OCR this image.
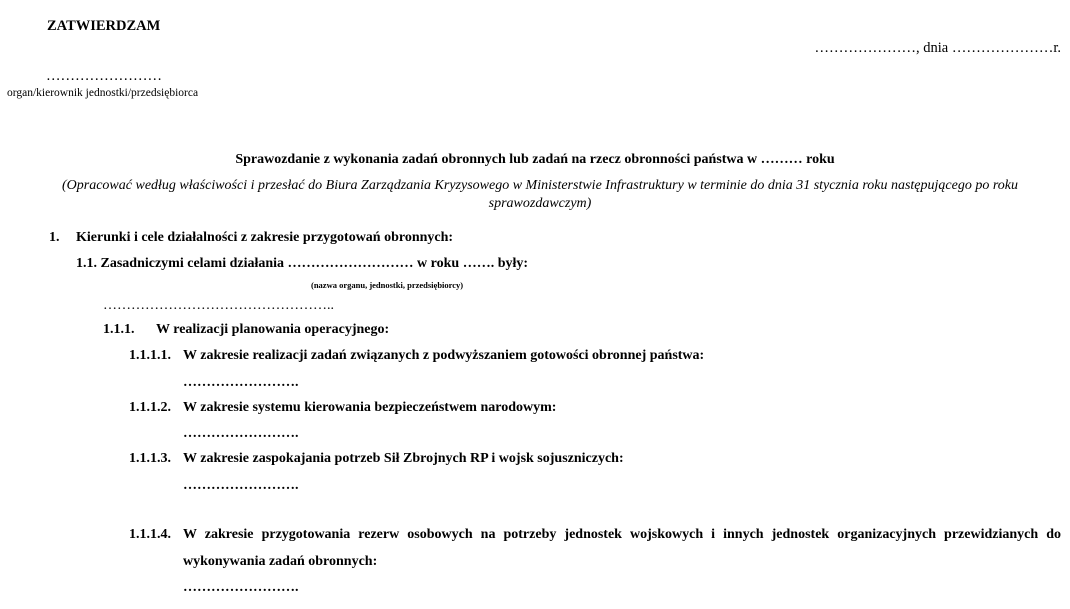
ZATWIERDZAM
…………………, dnia …………………r.
……………………
organ/kierownik jednostki/przedsiębiorca
Sprawozdanie z wykonania zadań obronnych lub zadań na rzecz obronności państwa w ……… roku
(Opracować według właściwości i przesłać do Biura Zarządzania Kryzysowego w Ministerstwie Infrastruktury w terminie do dnia 31 stycznia roku następującego po roku sprawozdawczym)
1. Kierunki i cele działalności z zakresie przygotowań obronnych:
1.1. Zasadniczymi celami działania ……………………… w roku ……. były:
(nazwa organu, jednostki, przedsiębiorcy)
…………………………………………..
1.1.1. W realizacji planowania operacyjnego:
1.1.1.1. W zakresie realizacji zadań związanych z podwyższaniem gotowości obronnej państwa:
…………………….
1.1.1.2. W zakresie systemu kierowania bezpieczeństwem narodowym:
…………………….
1.1.1.3. W zakresie zaspokajania potrzeb Sił Zbrojnych RP i wojsk sojuszniczych:
…………………….
1.1.1.4. W zakresie przygotowania rezerw osobowych na potrzeby jednostek wojskowych i innych jednostek organizacyjnych przewidzianych do wykonywania zadań obronnych:
…………………….
